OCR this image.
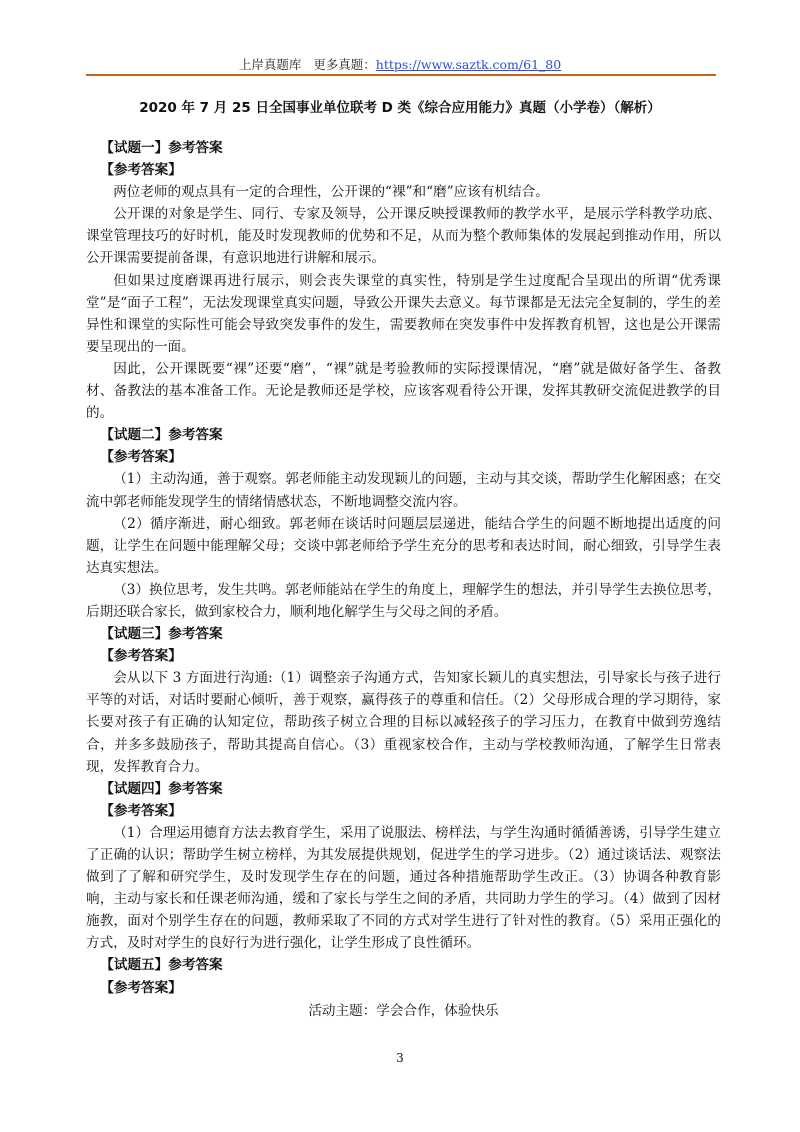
上岸真题库 更多真题：https://www.saztk.com/61_80
2020 年 7 月 25 日全国事业单位联考 D 类《综合应用能力》真题（小学卷）（解析）

【试题一】参考答案

【参考答案】

两位老师的观点具有一定的合理性，公开课的“裸”和“磨”应该有机结合。

公开课的对象是学生、同行、专家及领导，公开课反映授课教师的教学水平，是展示学科教学功底、课堂管理技巧的好时机，能及时发现教师的优势和不足，从而为整个教师集体的发展起到推动作用，所以公开课需要提前备课，有意识地进行讲解和展示。

但如果过度磨课再进行展示，则会丧失课堂的真实性，特别是学生过度配合呈现出的所谓“优秀课堂”是“面子工程”，无法发现课堂真实问题，导致公开课失去意义。每节课都是无法完全复制的，学生的差异性和课堂的实际性可能会导致突发事件的发生，需要教师在突发事件中发挥教育机智，这也是公开课需要呈现出的一面。

因此，公开课既要“裸”还要“磨”，“裸”就是考验教师的实际授课情况，“磨”就是做好备学生、备教材、备教法的基本准备工作。无论是教师还是学校，应该客观看待公开课，发挥其教研交流促进教学的目的。

【试题二】参考答案

【参考答案】

（1）主动沟通，善于观察。郭老师能主动发现颖儿的问题，主动与其交谈，帮助学生化解困惑；在交流中郭老师能发现学生的情绪情感状态，不断地调整交流内容。

（2）循序渐进，耐心细致。郭老师在谈话时问题层层递进，能结合学生的问题不断地提出适度的问题，让学生在问题中能理解父母；交谈中郭老师给予学生充分的思考和表达时间，耐心细致，引导学生表达真实想法。

（3）换位思考，发生共鸣。郭老师能站在学生的角度上，理解学生的想法，并引导学生去换位思考，后期还联合家长，做到家校合力，顺利地化解学生与父母之间的矛盾。

【试题三】参考答案

【参考答案】

会从以下 3 方面进行沟通:（1）调整亲子沟通方式，告知家长颖儿的真实想法，引导家长与孩子进行平等的对话，对话时要耐心倾听，善于观察，赢得孩子的尊重和信任。（2）父母形成合理的学习期待，家长要对孩子有正确的认知定位，帮助孩子树立合理的目标以减轻孩子的学习压力，在教育中做到劳逸结合，并多多鼓励孩子，帮助其提高自信心。（3）重视家校合作，主动与学校教师沟通，了解学生日常表现，发挥教育合力。

【试题四】参考答案

【参考答案】

（1）合理运用德育方法去教育学生，采用了说服法、榜样法，与学生沟通时循循善诱，引导学生建立了正确的认识；帮助学生树立榜样，为其发展提供规划，促进学生的学习进步。（2）通过谈话法、观察法做到了了解和研究学生，及时发现学生存在的问题，通过各种措施帮助学生改正。（3）协调各种教育影响，主动与家长和任课老师沟通，缓和了家长与学生之间的矛盾，共同助力学生的学习。（4）做到了因材施教，面对个别学生存在的问题，教师采取了不同的方式对学生进行了针对性的教育。（5）采用正强化的方式，及时对学生的良好行为进行强化，让学生形成了良性循环。

【试题五】参考答案

【参考答案】

活动主题：学会合作，体验快乐

3
